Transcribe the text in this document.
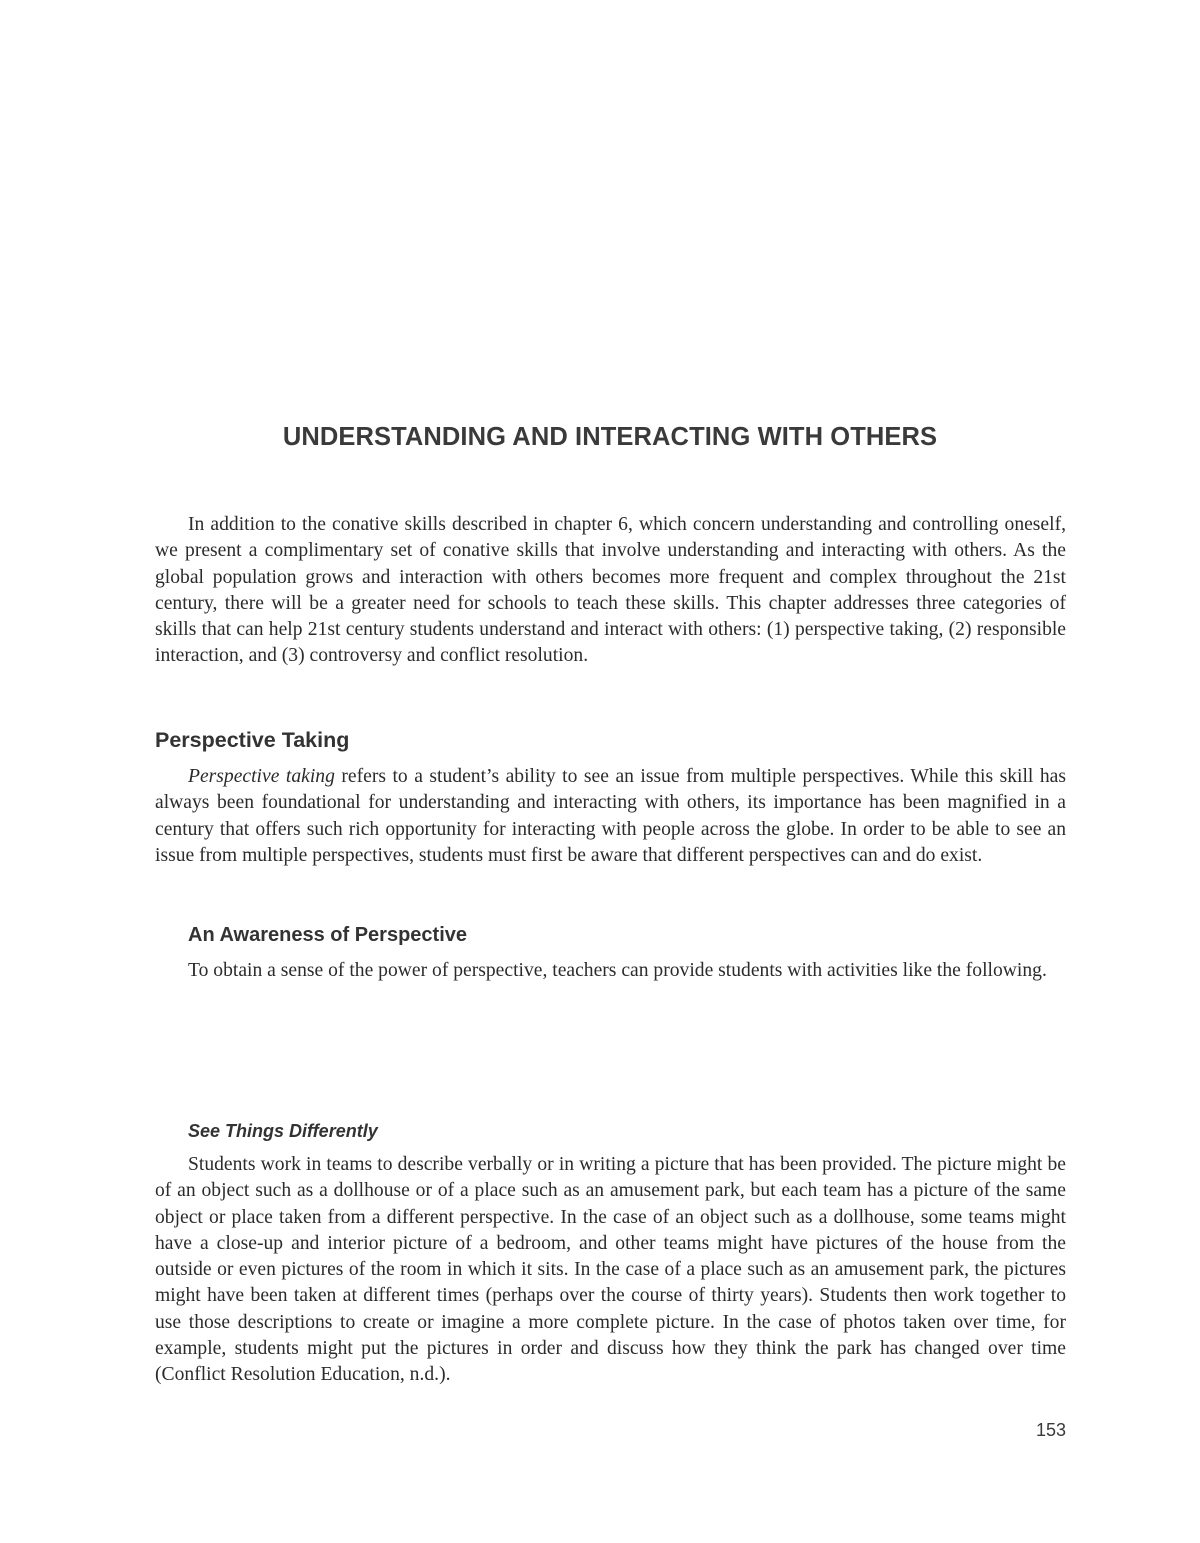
UNDERSTANDING AND INTERACTING WITH OTHERS

In addition to the conative skills described in chapter 6, which concern understanding and controlling oneself, we present a complimentary set of conative skills that involve understanding and interacting with others. As the global population grows and interaction with others becomes more frequent and complex throughout the 21st century, there will be a greater need for schools to teach these skills. This chapter addresses three categories of skills that can help 21st century students understand and interact with others: (1) perspective taking, (2) responsible interaction, and (3) controversy and conflict resolution.

Perspective Taking

Perspective taking refers to a student’s ability to see an issue from multiple perspectives. While this skill has always been foundational for understanding and interacting with others, its importance has been magnified in a century that offers such rich opportunity for interacting with people across the globe. In order to be able to see an issue from multiple perspectives, students must first be aware that different perspectives can and do exist.

An Awareness of Perspective

To obtain a sense of the power of perspective, teachers can provide students with activities like the following.

See Things Differently

Students work in teams to describe verbally or in writing a picture that has been provided. The picture might be of an object such as a dollhouse or of a place such as an amusement park, but each team has a picture of the same object or place taken from a different perspective. In the case of an object such as a dollhouse, some teams might have a close-up and interior picture of a bedroom, and other teams might have pictures of the house from the outside or even pictures of the room in which it sits. In the case of a place such as an amusement park, the pictures might have been taken at different times (perhaps over the course of thirty years). Students then work together to use those descriptions to create or imagine a more complete picture. In the case of photos taken over time, for example, students might put the pictures in order and discuss how they think the park has changed over time (Conflict Resolution Education, n.d.).

153
